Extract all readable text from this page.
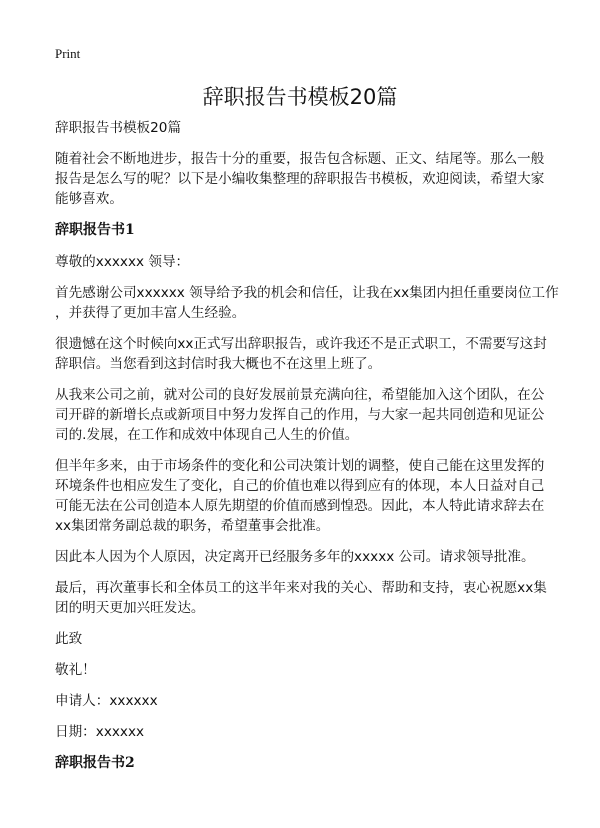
Print
辞职报告书模板20篇
辞职报告书模板20篇
随着社会不断地进步，报告十分的重要，报告包含标题、正文、结尾等。那么一般
报告是怎么写的呢？以下是小编收集整理的辞职报告书模板，欢迎阅读，希望大家
能够喜欢。
辞职报告书1
尊敬的xxxxxx 领导：
首先感谢公司xxxxxx 领导给予我的机会和信任，让我在xx集团内担任重要岗位工作
，并获得了更加丰富人生经验。
很遗憾在这个时候向xx正式写出辞职报告，或许我还不是正式职工，不需要写这封
辞职信。当您看到这封信时我大概也不在这里上班了。
从我来公司之前，就对公司的良好发展前景充满向往，希望能加入这个团队，在公
司开辟的新增长点或新项目中努力发挥自己的作用，与大家一起共同创造和见证公
司的.发展，在工作和成效中体现自己人生的价值。
但半年多来，由于市场条件的变化和公司决策计划的调整，使自己能在这里发挥的
环境条件也相应发生了变化，自己的价值也难以得到应有的体现，本人日益对自己
可能无法在公司创造本人原先期望的价值而感到惶恐。因此，本人特此请求辞去在
xx集团常务副总裁的职务，希望董事会批准。
因此本人因为个人原因，决定离开已经服务多年的xxxxx 公司。请求领导批准。
最后，再次董事长和全体员工的这半年来对我的关心、帮助和支持，衷心祝愿xx集
团的明天更加兴旺发达。
此致
敬礼！
申请人：xxxxxx
日期：xxxxxx
辞职报告书2
